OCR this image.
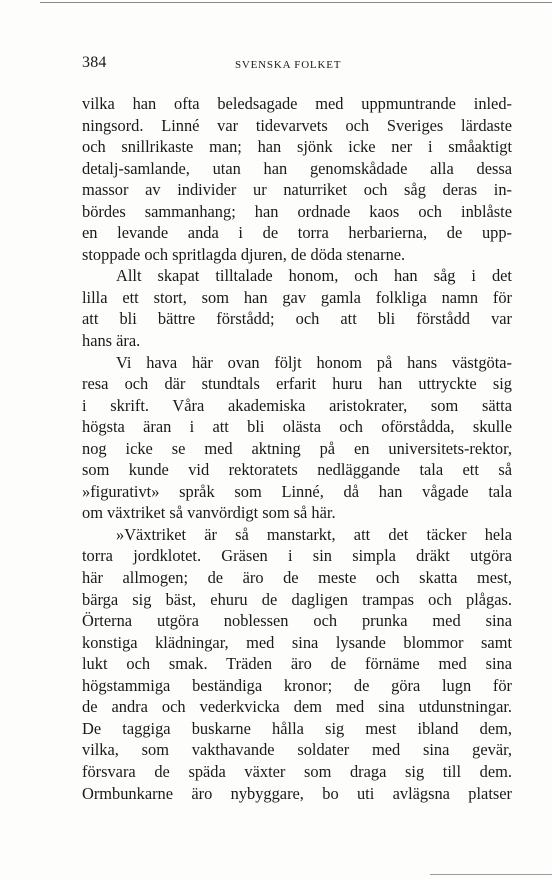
384	SVENSKA FOLKET
vilka han ofta beledsagade med uppmuntrande inled-
ningsord. Linné var tidevarvets och Sveriges lärdaste
och snillrikaste man; han sjönk icke ner i småaktigt
detalj-samlande, utan han genomskådade alla dessa
massor av individer ur naturriket och såg deras in-
bördes sammanhang; han ordnade kaos och inblåste
en levande anda i de torra herbarierna, de upp-
stoppade och spritlagda djuren, de döda stenarne.
Allt skapat tilltalade honom, och han såg i det
lilla ett stort, som han gav gamla folkliga namn för
att bli bättre förstådd; och att bli förstådd var
hans ära.
Vi hava här ovan följt honom på hans västgöta-
resa och där stundtals erfarit huru han uttryckte sig
i skrift. Våra akademiska aristokrater, som sätta
högsta äran i att bli olästa och oförstådda, skulle
nog icke se med aktning på en universitets-rektor,
som kunde vid rektoratets nedläggande tala ett så
»figurativt» språk som Linné, då han vågade tala
om växtriket så vanvördigt som så här.
»Växtriket är så manstarkt, att det täcker hela
torra jordklotet. Gräsen i sin simpla dräkt utgöra
här allmogen; de äro de meste och skatta mest,
bärga sig bäst, ehuru de dagligen trampas och plågas.
Örterna utgöra noblessen och prunka med sina
konstiga klädningar, med sina lysande blommor samt
lukt och smak. Träden äro de förnäme med sina
högstammiga beständiga kronor; de göra lugn för
de andra och vederkvicka dem med sina utdunstningar.
De taggiga buskarne hålla sig mest ibland dem,
vilka, som vakthavande soldater med sina gevär,
försvara de späda växter som draga sig till dem.
Ormbunkarne äro nybyggare, bo uti avlägsna platser
